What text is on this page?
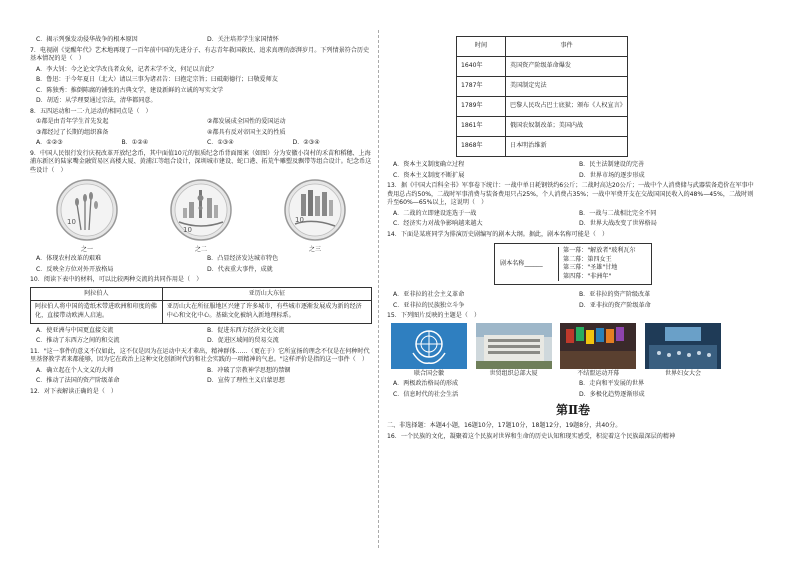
C．揭示列强发动侵华战争的根本原因	D．关注培养学生家国情怀
7．电视剧《觉醒年代》艺术地再现了一百年前中国的先进分子、有志青年救国救民、追求真理的澎湃岁月。下列情景符合历史基本情况的是（　）
A．李大钊：今之论文学改良者众矣，记者末学不文，何足以言此？
B．鲁迅：于今年夏日（北大）请以三事为诸君告：曰抱定宗旨；曰砥砺德行；曰敬爱师友
C．陈独秀：推倒陈腐的铺张的古典文学，建设新鲜的立诚的写实文学
D．胡适：从学理要通过宗法，清华都同意。
8．五四运动和一二·九运动的相同点是（　）
①都是由青年学生首先发起	②都发展成全国性的爱国运动
③都经过了长期的组织准备	④都具有反对帝国主义的性质
A．①②③	B．①②④	C．①③④	D．②③④
9．中国人民银行发行庆祝改革开放纪念币，其中面值10元的银质纪念币背面图案（如图）分为安徽小岗村的禾苗和稻穗、上海浦东新区的陆家嘴金融贸易区高楼大厦、黄浦江等组合设计，深圳城市建设、蛇口港、拓荒牛雕塑及飘带等组合设计。纪念币这些设计（　）
10
之一
10
之二
10
之三
A．体现农村改革的艰难	B．凸显经济发达城市特色
C．反映全方位对外开放格局	D．代表重大事件，成就
10．阅读下表中的材料，可以比较两种交流的共同作用是（　）
阿拉伯人	亚历山大东征
阿拉伯人将中国的造纸术带进欧洲和印度的佛化，直接带动欧洲人启迪。	亚历山大在所征服地区兴建了许多城市，有些城市逐渐发展成为新的经济中心和文化中心。基础文化被纳入新地理标系。
A．使亚洲与中国更直接交流	B．促进东西方经济文化交流
C．推动了东西方之间的和交流	D．促进区域间的贸易交流
11．"这一事件的意义不仅如此，这不仅是因为在运动中天才辈出，精神群体……（更在于）它所宣扬的理念不仅是在何种时代里基督教学者来都能够，因为它在政治上这种文化创新时代的和社会实践的一项精神的气息。"这样评价是指的这一事件（　）
A．确立起在个人文义的大师	B．冲破了宗教神学思想的禁锢
C．推动了法国的资产阶级革命	D．宣传了理性主义启蒙思想
12．对下表解读正确的是（　）
时间	事件
1640年	英国资产阶级革命爆发
1787年	美国制定宪法
1789年	巴黎人民攻占巴士底狱；颁布《人权宣言》
1861年	俄国农奴制改革；美国内战
1868年	日本明治维新
A．资本主义制度确立过程	B．民主法制建设的完善
C．资本主义制度不断扩展	D．世界市场的逐步形成
13．据《中国大百科全书》军事卷下统计：一战中单日耗钢铁约6公斤；二战时高达20公斤；一战中个人消费储与武器装备造价在军事中费用总占约50%，二战时军事消费与装备费用只占25%，个人消费占35%；一战中军费开支在交战国国民收入的48%—45%，二战时则升至60%—65%以上，这说明（　）
A．二战的立即建设连选于一战	B．一战与二战相比完全不同
C．经济实力对战争影响越来越大	D．世界大战改变了世界格局
14．下面是某班同学为排演历史剧编写的剧本大纲。据此，剧本名称可能是（　）
剧本名称______
第一幕："解放者"玻利瓦尔
第二幕：第四女王
第三幕："圣雄"甘地
第四幕："非洲年"
A．亚非拉的社会主义革命	B．亚非拉的资产阶级改革
C．亚非拉的民族独立斗争	D．亚非拉的资产阶级革命
15．下列图片反映的主题是（　）
联合国会徽	世贸组织总部大厦	不结盟运动开幕	世界妇女大会
A．两极政治格局的形成	B．走向和平发展的世界
C．信息时代的社会生活	D．多极化趋势逐渐形成
第Ⅱ卷
二、非选择题：本题4小题，16题10分，17题10分，18题12分，19题8分，共40分。
16．一个民族的文化，凝聚着这个民族对世界和生命的历史认知和现实感受，积淀着这个民族最深层的精神
